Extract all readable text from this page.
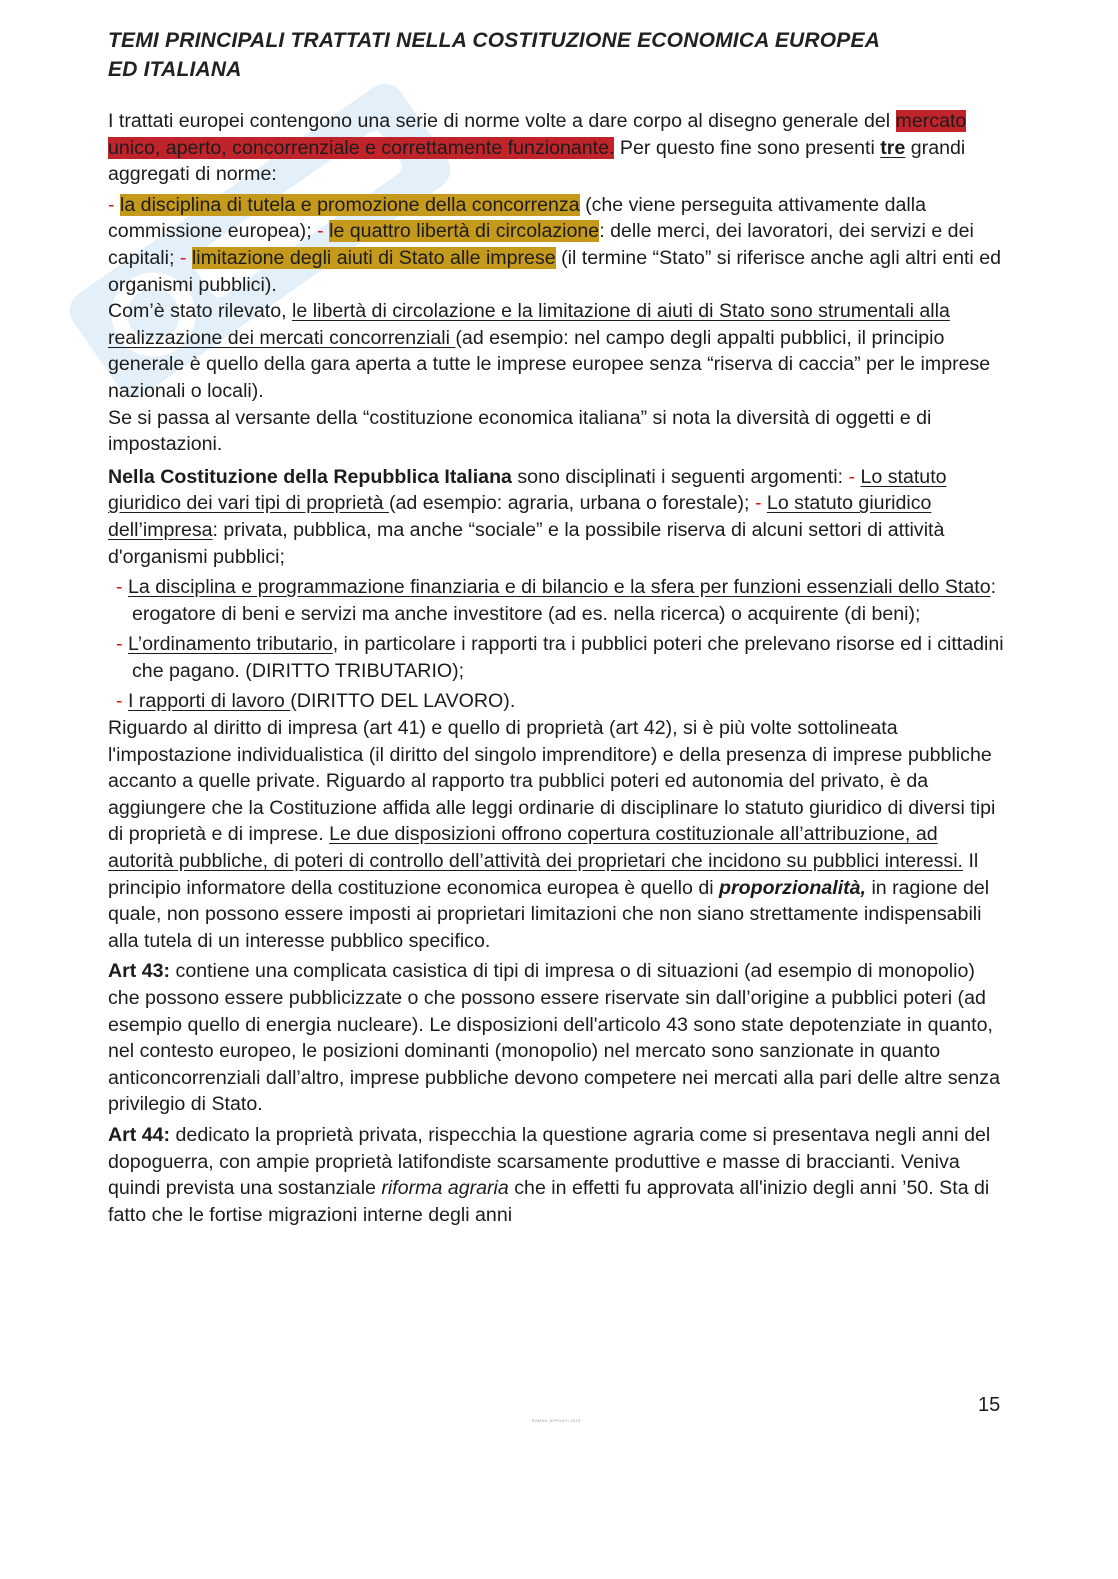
TEMI PRINCIPALI TRATTATI NELLA COSTITUZIONE ECONOMICA EUROPEA
ED ITALIANA

I trattati europei contengono una serie di norme volte a dare corpo al disegno generale del mercato unico, aperto, concorrenziale e correttamente funzionante. Per questo fine sono presenti tre grandi aggregati di norme:

- la disciplina di tutela e promozione della concorrenza (che viene perseguita attivamente dalla commissione europea); - le quattro libertà di circolazione: delle merci, dei lavoratori, dei servizi e dei capitali; - limitazione degli aiuti di Stato alle imprese (il termine “Stato” si riferisce anche agli altri enti ed organismi pubblici).

Com’è stato rilevato, le libertà di circolazione e la limitazione di aiuti di Stato sono strumentali alla realizzazione dei mercati concorrenziali (ad esempio: nel campo degli appalti pubblici, il principio generale è quello della gara aperta a tutte le imprese europee senza “riserva di caccia” per le imprese nazionali o locali).

Se si passa al versante della “costituzione economica italiana” si nota la diversità di oggetti e di impostazioni.

Nella Costituzione della Repubblica Italiana sono disciplinati i seguenti argomenti: - Lo statuto giuridico dei vari tipi di proprietà (ad esempio: agraria, urbana o forestale); - Lo statuto giuridico dell’impresa: privata, pubblica, ma anche “sociale” e la possibile riserva di alcuni settori di attività d'organismi pubblici;

- La disciplina e programmazione finanziaria e di bilancio e la sfera per funzioni essenziali dello Stato: erogatore di beni e servizi ma anche investitore (ad es. nella ricerca) o acquirente (di beni);

- L’ordinamento tributario, in particolare i rapporti tra i pubblici poteri che prelevano risorse ed i cittadini che pagano. (DIRITTO TRIBUTARIO);

- I rapporti di lavoro (DIRITTO DEL LAVORO).

Riguardo al diritto di impresa (art 41) e quello di proprietà (art 42), si è più volte sottolineata l'impostazione individualistica (il diritto del singolo imprenditore) e della presenza di imprese pubbliche accanto a quelle private. Riguardo al rapporto tra pubblici poteri ed autonomia del privato, è da aggiungere che la Costituzione affida alle leggi ordinarie di disciplinare lo statuto giuridico di diversi tipi di proprietà e di imprese. Le due disposizioni offrono copertura costituzionale all’attribuzione, ad autorità pubbliche, di poteri di controllo dell’attività dei proprietari che incidono su pubblici interessi. Il principio informatore della costituzione economica europea è quello di proporzionalità, in ragione del quale, non possono essere imposti ai proprietari limitazioni che non siano strettamente indispensabili alla tutela di un interesse pubblico specifico.

Art 43: contiene una complicata casistica di tipi di impresa o di situazioni (ad esempio di monopolio) che possono essere pubblicizzate o che possono essere riservate sin dall’origine a pubblici poteri (ad esempio quello di energia nucleare). Le disposizioni dell'articolo 43 sono state depotenziate in quanto, nel contesto europeo, le posizioni dominanti (monopolio) nel mercato sono sanzionate in quanto anticoncorrenziali dall’altro, imprese pubbliche devono competere nei mercati alla pari delle altre senza privilegio di Stato.

Art 44: dedicato la proprietà privata, rispecchia la questione agraria come si presentava negli anni del dopoguerra, con ampie proprietà latifondiste scarsamente produttive e masse di braccianti. Veniva quindi prevista una sostanziale riforma agraria che in effetti fu approvata all'inizio degli anni ’50. Sta di fatto che le fortise migrazioni interne degli anni

15
ESMAIL APPUNTI 2019
